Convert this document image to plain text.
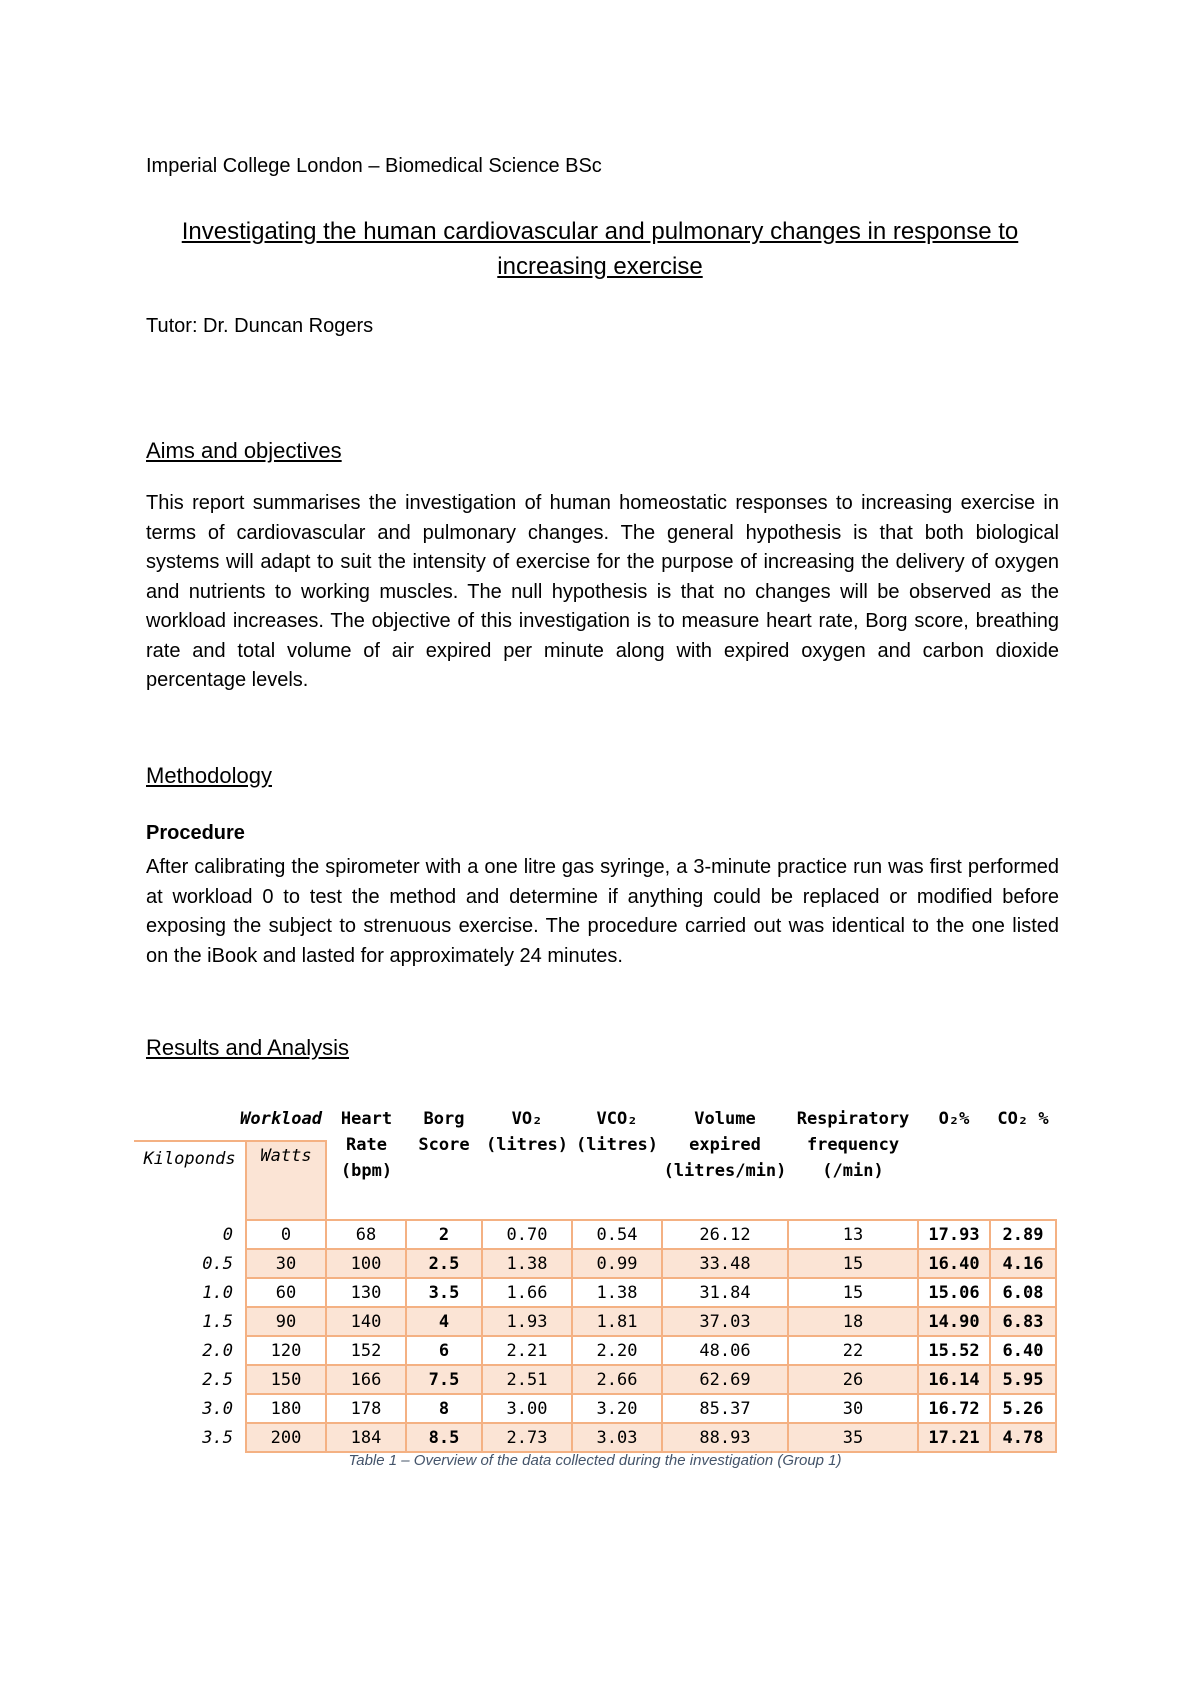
Imperial College London – Biomedical Science BSc
Investigating the human cardiovascular and pulmonary changes in response to increasing exercise
Tutor: Dr. Duncan Rogers
Aims and objectives
This report summarises the investigation of human homeostatic responses to increasing exercise in terms of cardiovascular and pulmonary changes. The general hypothesis is that both biological systems will adapt to suit the intensity of exercise for the purpose of increasing the delivery of oxygen and nutrients to working muscles. The null hypothesis is that no changes will be observed as the workload increases. The objective of this investigation is to measure heart rate, Borg score, breathing rate and total volume of air expired per minute along with expired oxygen and carbon dioxide percentage levels.
Methodology
Procedure
After calibrating the spirometer with a one litre gas syringe, a 3-minute practice run was first performed at workload 0 to test the method and determine if anything could be replaced or modified before exposing the subject to strenuous exercise. The procedure carried out was identical to the one listed on the iBook and lasted for approximately 24 minutes.
Results and Analysis
Workload		Heart Rate (bpm)	Borg Score	VO₂ (litres)	VCO₂ (litres)	Volume expired (litres/min)	Respiratory frequency (/min)	O₂%	CO₂ %
Kiloponds	Watts								
0	0	68	2	0.70	0.54	26.12	13	17.93	2.89
0.5	30	100	2.5	1.38	0.99	33.48	15	16.40	4.16
1.0	60	130	3.5	1.66	1.38	31.84	15	15.06	6.08
1.5	90	140	4	1.93	1.81	37.03	18	14.90	6.83
2.0	120	152	6	2.21	2.20	48.06	22	15.52	6.40
2.5	150	166	7.5	2.51	2.66	62.69	26	16.14	5.95
3.0	180	178	8	3.00	3.20	85.37	30	16.72	5.26
3.5	200	184	8.5	2.73	3.03	88.93	35	17.21	4.78
Table 1 – Overview of the data collected during the investigation (Group 1)
